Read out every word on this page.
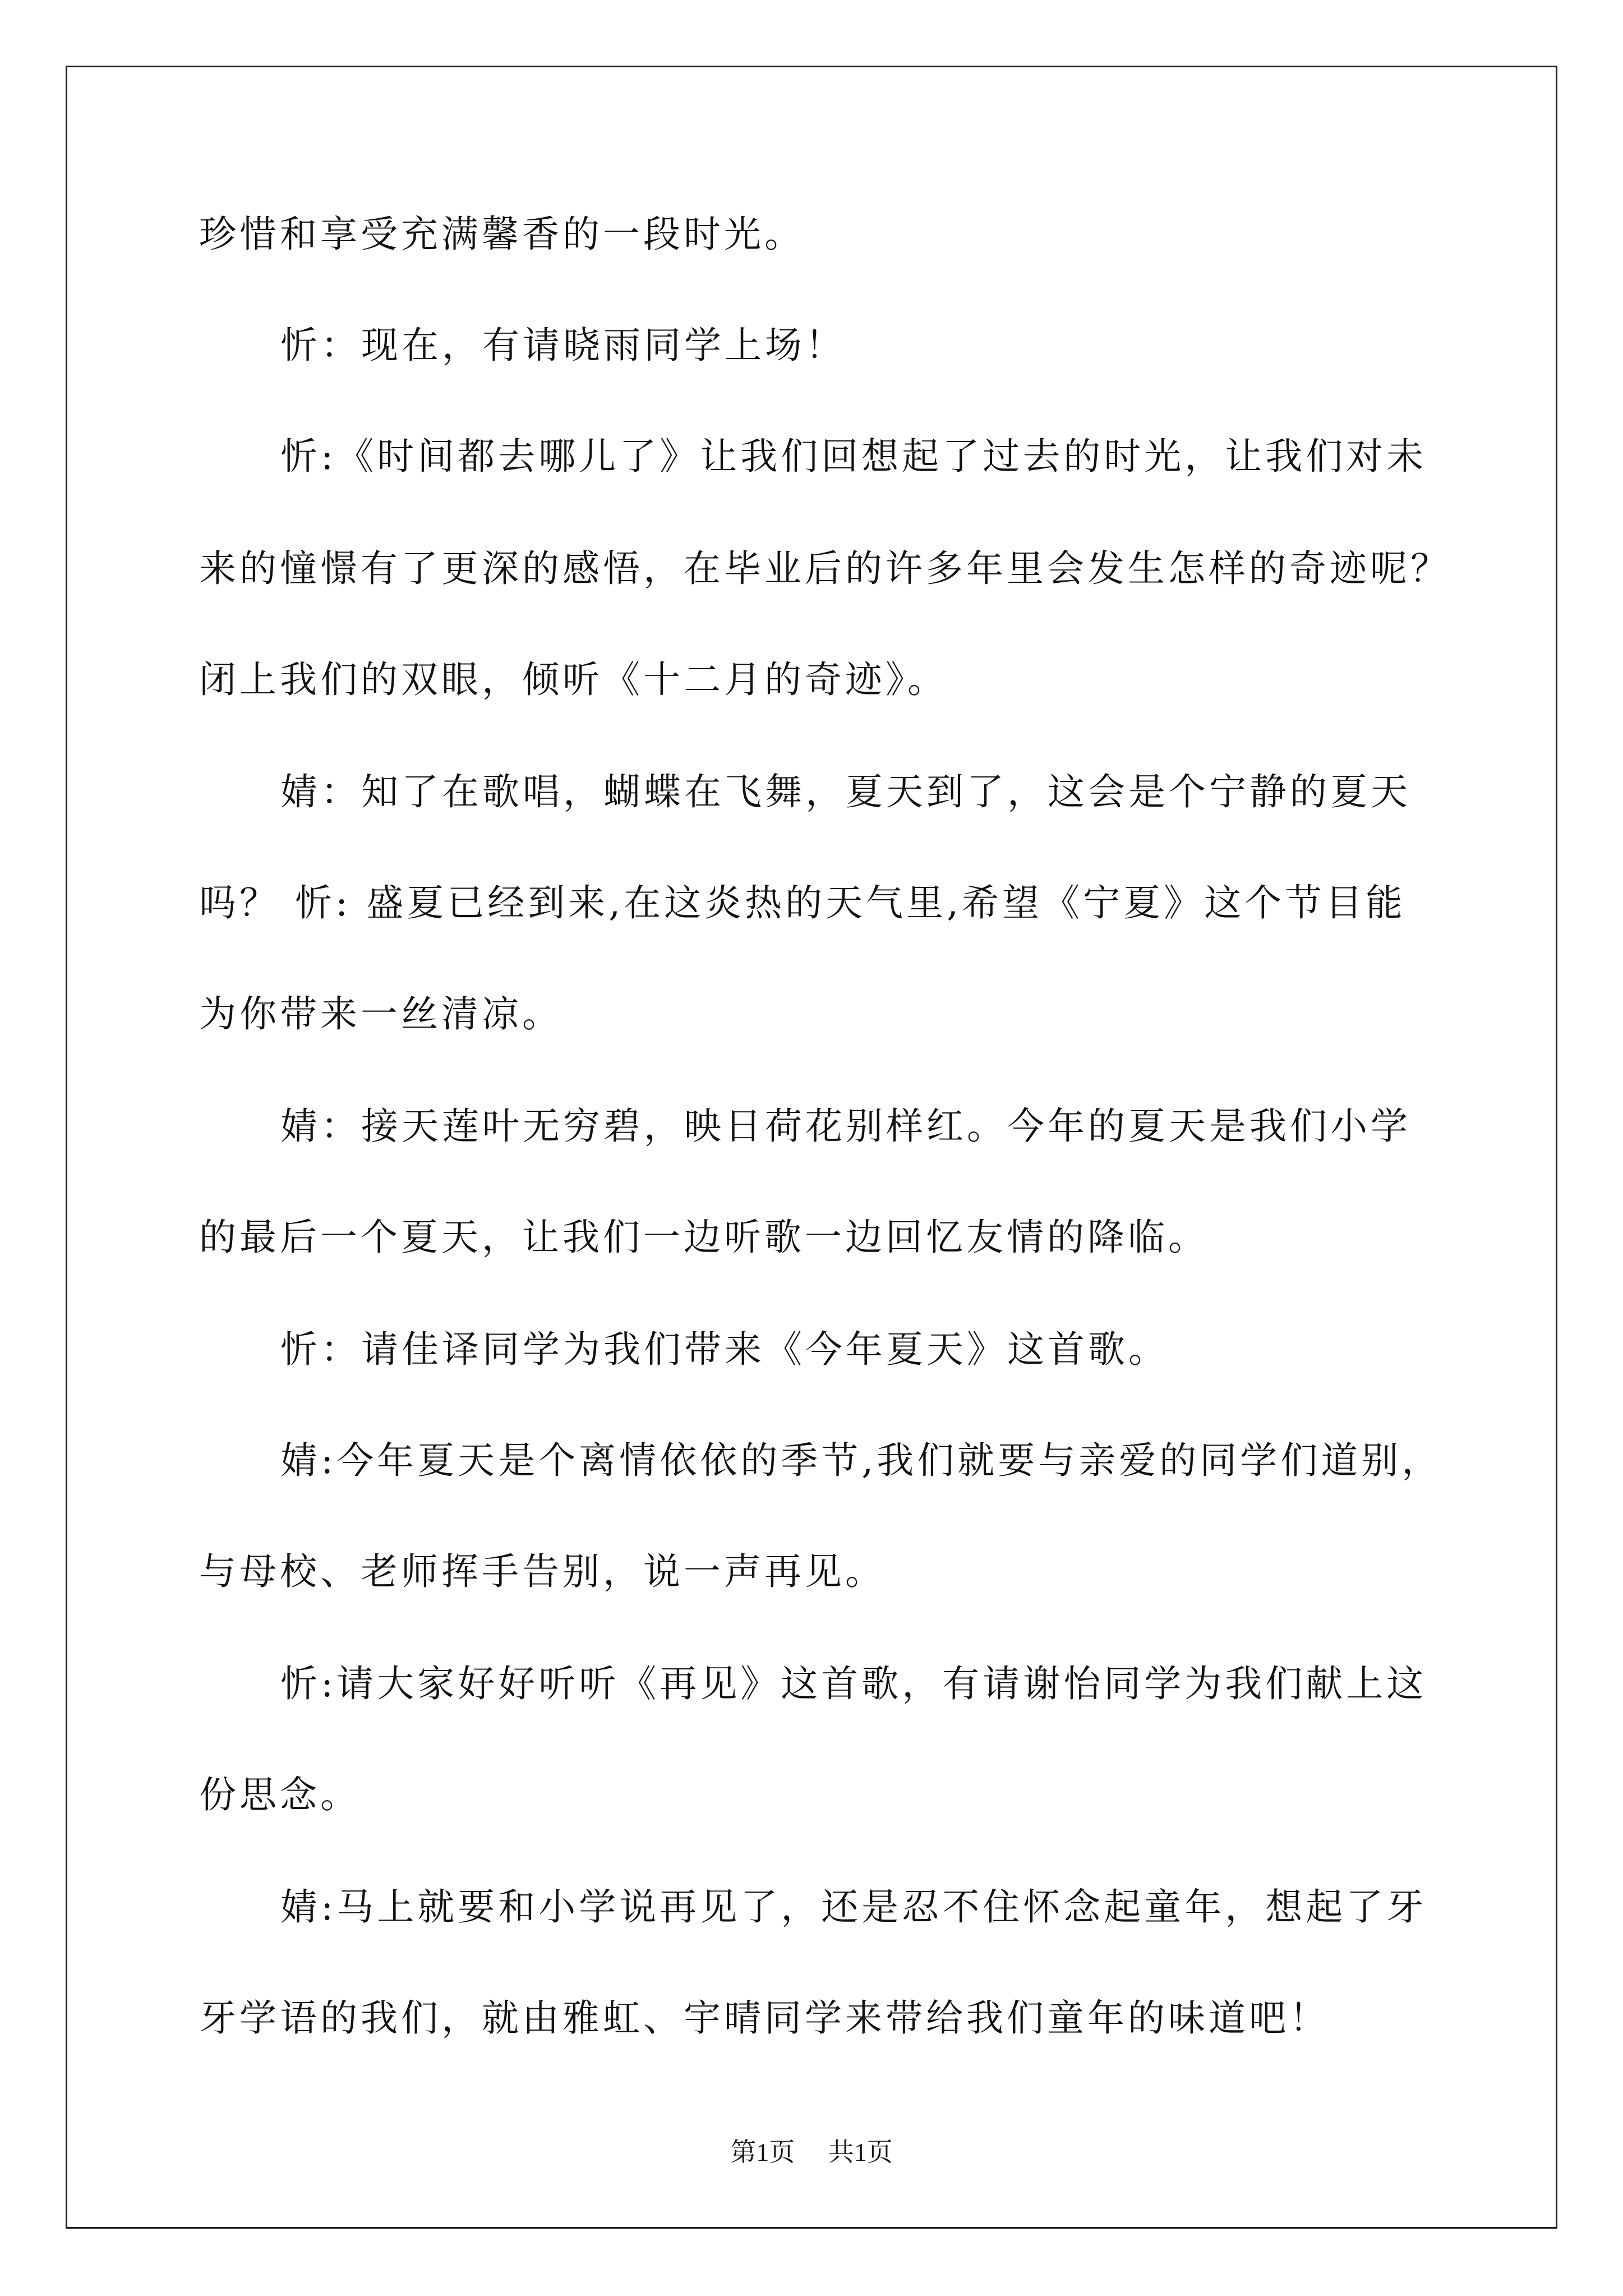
珍惜和享受充满馨香的一段时光。
忻：现在，有请晓雨同学上场！
忻:《时间都去哪儿了》让我们回想起了过去的时光，让我们对未
来的憧憬有了更深的感悟，在毕业后的许多年里会发生怎样的奇迹呢？
闭上我们的双眼，倾听《十二月的奇迹》。
婧：知了在歌唱，蝴蝶在飞舞，夏天到了，这会是个宁静的夏天
吗？ 忻: 盛夏已经到来,在这炎热的天气里,希望《宁夏》这个节目能
为你带来一丝清凉。
婧：接天莲叶无穷碧，映日荷花别样红。今年的夏天是我们小学
的最后一个夏天，让我们一边听歌一边回忆友情的降临。
忻：请佳译同学为我们带来《今年夏天》这首歌。
婧:今年夏天是个离情依依的季节,我们就要与亲爱的同学们道别，
与母校、老师挥手告别，说一声再见。
忻:请大家好好听听《再见》这首歌，有请谢怡同学为我们献上这
份思念。
婧:马上就要和小学说再见了，还是忍不住怀念起童年，想起了牙
牙学语的我们，就由雅虹、宇晴同学来带给我们童年的味道吧！
第1页 共1页
